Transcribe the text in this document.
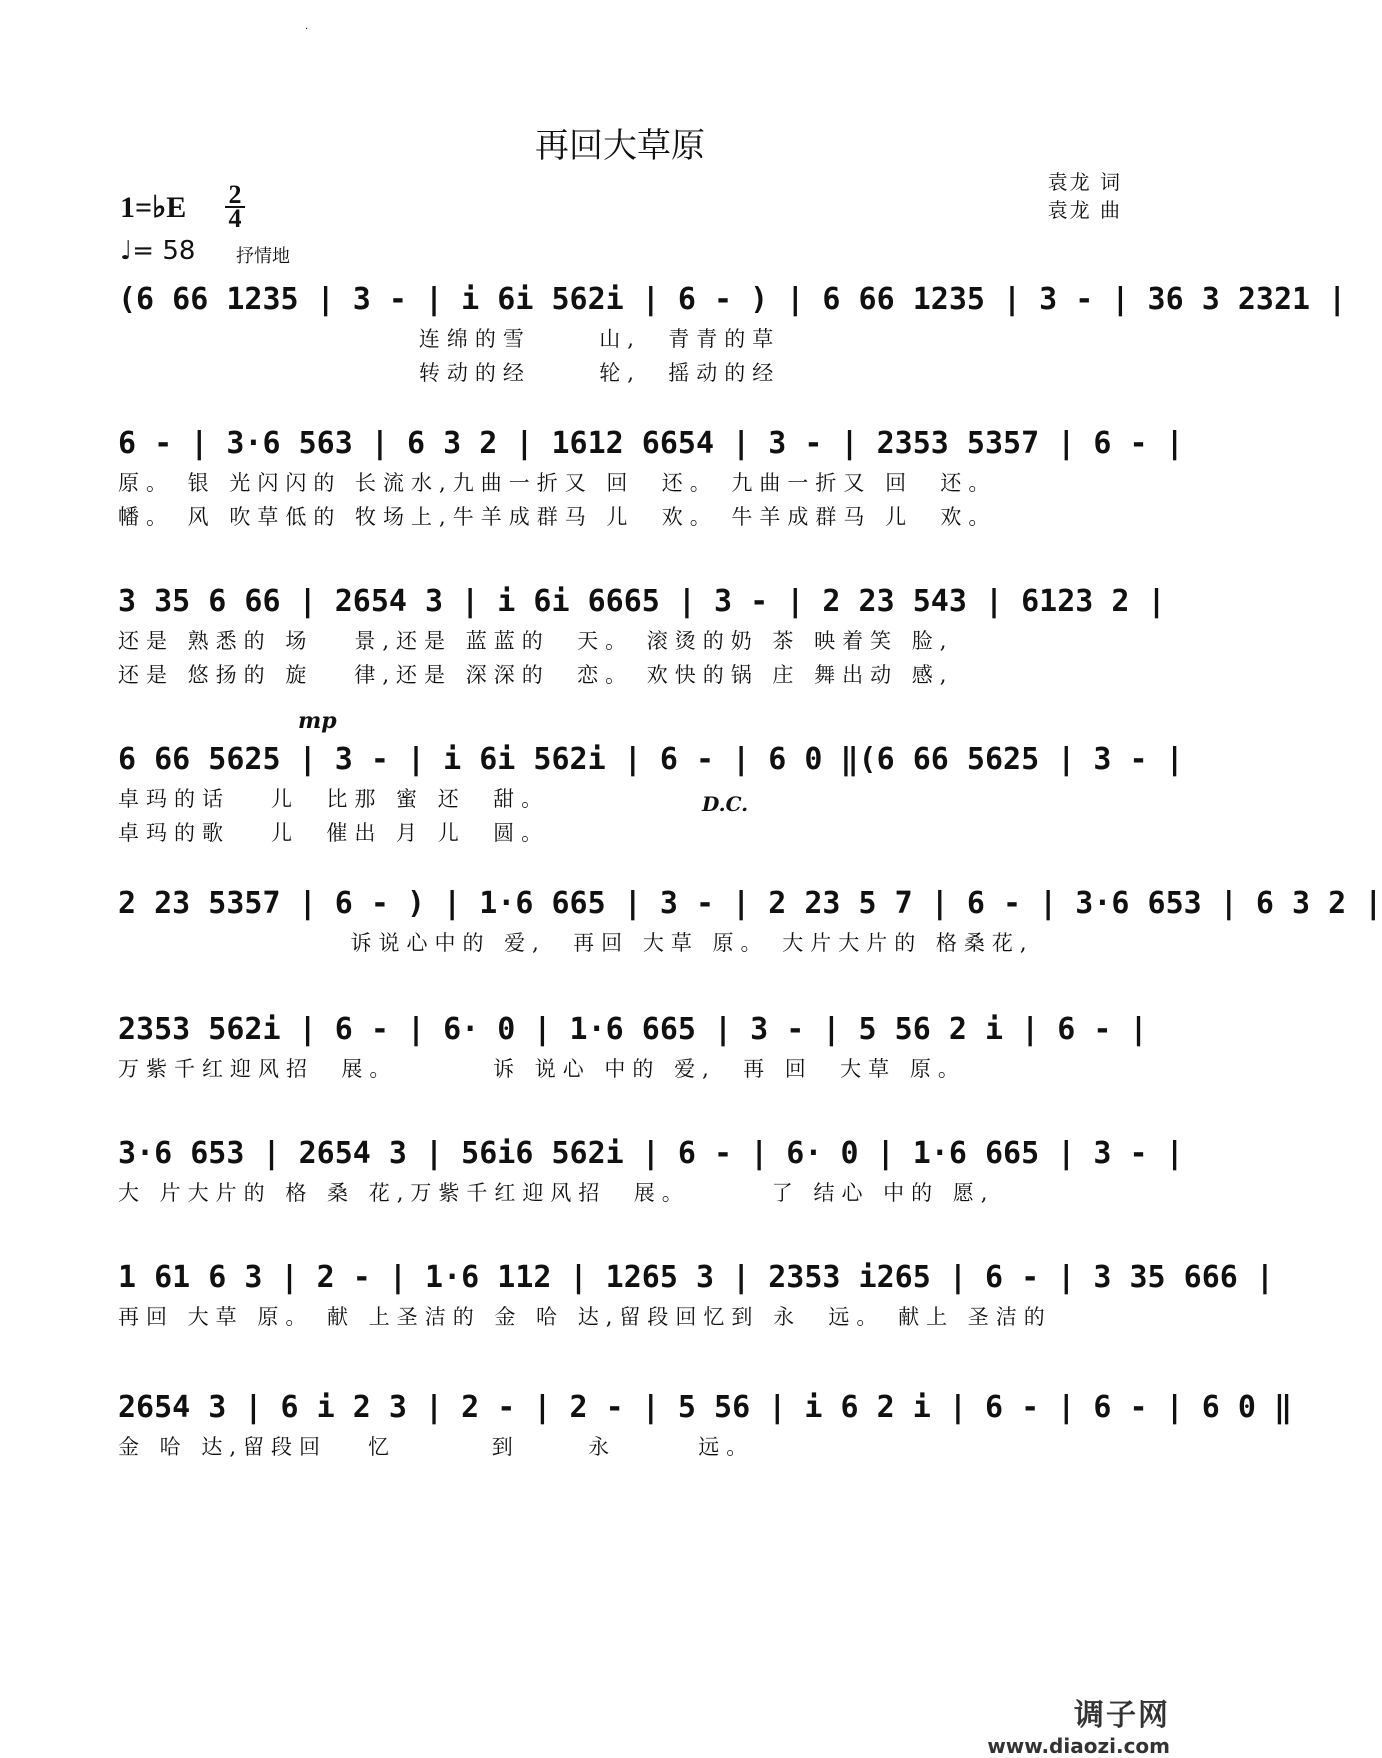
·
再回大草原
袁龙 词
袁龙 曲
1=♭E 2
4
♩= 58 抒情地
mp
D.C.
(6 66 1235 | 3 - | i 6i 562i | 6 - ) | 6 66 1235 | 3 - | 36 3 2321 |
连绵的雪     山,  青青的草
转动的经     轮,  摇动的经
6 - | 3·6 563 | 6 3 2 | 1612 6654 | 3 - | 2353 5357 | 6 - |
原。 银 光闪闪的 长流水,九曲一折又 回  还。 九曲一折又 回  还。
幡。 风 吹草低的 牧场上,牛羊成群马 儿  欢。 牛羊成群马 儿  欢。
3 35 6 66 | 2654 3 | i 6i 6665 | 3 - | 2 23 543 | 6123 2 |
还是 熟悉的 场   景,还是 蓝蓝的  天。 滚烫的奶 茶 映着笑 脸,
还是 悠扬的 旋   律,还是 深深的  恋。 欢快的锅 庄 舞出动 感,
6 66 5625 | 3 - | i 6i 562i | 6 - | 6 0 ‖(6 66 5625 | 3 - |
卓玛的话   儿  比那 蜜 还  甜。
卓玛的歌   儿  催出 月 儿  圆。
2 23 5357 | 6 - ) | 1·6 665 | 3 - | 2 23 5 7 | 6 - | 3·6 653 | 6 3 2 |
诉说心中的 爱,  再回 大草 原。 大片大片的 格桑花,
2353 562i | 6 - | 6· 0 | 1·6 665 | 3 - | 5 56 2 i | 6 - |
万紫千红迎风招  展。       诉 说心 中的 爱,  再 回  大草 原。
3·6 653 | 2654 3 | 56i6 562i | 6 - | 6· 0 | 1·6 665 | 3 - |
大 片大片的 格 桑 花,万紫千红迎风招  展。      了 结心 中的 愿,
1 61 6 3 | 2 - | 1·6 112 | 1265 3 | 2353 i265 | 6 - | 3 35 666 |
再回 大草 原。 献 上圣洁的 金 哈 达,留段回忆到 永  远。 献上 圣洁的
2654 3 | 6 i 2 3 | 2 - | 2 - | 5 56 | i 6 2 i | 6 - | 6 - | 6 0 ‖
金 哈 达,留段回   忆       到     永      远。
调子网
www.diaozi.com
